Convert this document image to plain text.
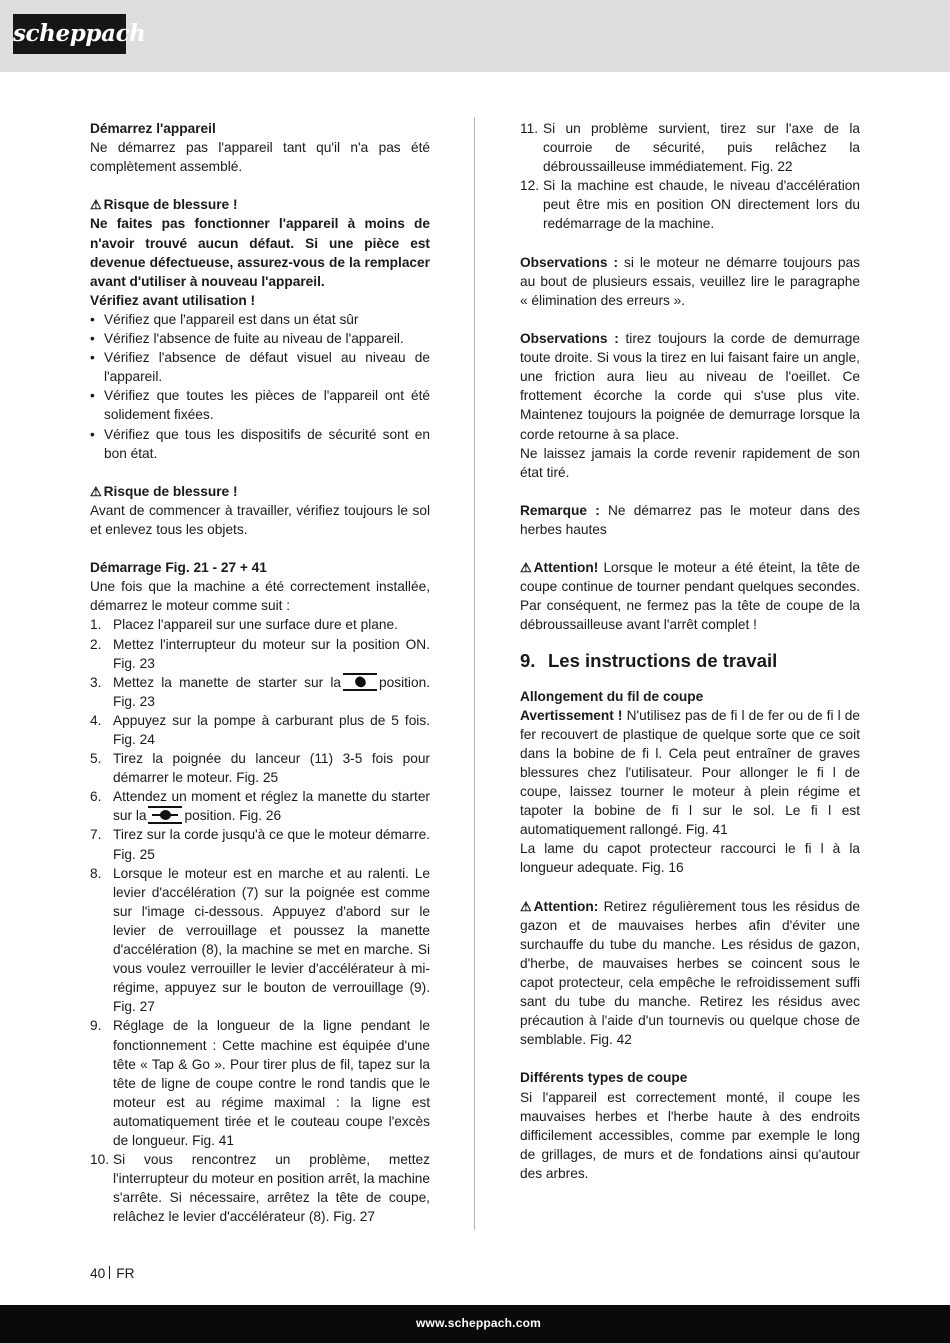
scheppach

Démarrez l'appareil

Ne démarrez pas l'appareil tant qu'il n'a pas été complètement assemblé.

⚠ Risque de blessure !

Ne faites pas fonctionner l'appareil à moins de n'avoir trouvé aucun défaut. Si une pièce est devenue défectueuse, assurez-vous de la remplacer avant d'utiliser à nouveau l'appareil.

Vérifiez avant utilisation !

• Vérifiez que l'appareil est dans un état sûr
• Vérifiez l'absence de fuite au niveau de l'appareil.
• Vérifiez l'absence de défaut visuel au niveau de l'appareil.
• Vérifiez que toutes les pièces de l'appareil ont été solidement fixées.
• Vérifiez que tous les dispositifs de sécurité sont en bon état.

⚠ Risque de blessure !

Avant de commencer à travailler, vérifiez toujours le sol et enlevez tous les objets.

Démarrage Fig. 21 - 27 + 41

Une fois que la machine a été correctement installée, démarrez le moteur comme suit :

1. Placez l'appareil sur une surface dure et plane.
2. Mettez l'interrupteur du moteur sur la position ON. Fig. 23
3. Mettez la manette de starter sur la	position. Fig. 23
4. Appuyez sur la pompe à carburant plus de 5 fois. Fig. 24
5. Tirez la poignée du lanceur (11) 3-5 fois pour démarrer le moteur. Fig. 25
6. Attendez un moment et réglez la manette du starter sur la	position. Fig. 26
7. Tirez sur la corde jusqu'à ce que le moteur démarre. Fig. 25
8. Lorsque le moteur est en marche et au ralenti. Le levier d'accélération (7) sur la poignée est comme sur l'image ci-dessous. Appuyez d'abord sur le levier de verrouillage et poussez la manette d'accélération (8), la machine se met en marche. Si vous voulez verrouiller le levier d'accélérateur à mi-régime, appuyez sur le bouton de verrouillage (9). Fig. 27
9. Réglage de la longueur de la ligne pendant le fonctionnement : Cette machine est équipée d'une tête « Tap & Go ». Pour tirer plus de fil, tapez sur la tête de ligne de coupe contre le rond tandis que le moteur est au régime maximal : la ligne est automatiquement tirée et le couteau coupe l'excès de longueur. Fig. 41
10. Si vous rencontrez un problème, mettez l'interrupteur du moteur en position arrêt, la machine s'arrête. Si nécessaire, arrêtez la tête de coupe, relâchez le levier d'accélérateur (8). Fig. 27
11. Si un problème survient, tirez sur l'axe de la courroie de sécurité, puis relâchez la débroussailleuse immédiatement. Fig. 22
12. Si la machine est chaude, le niveau d'accélération peut être mis en position ON directement lors du redémarrage de la machine.

Observations : si le moteur ne démarre toujours pas au bout de plusieurs essais, veuillez lire le paragraphe « élimination des erreurs ».

Observations : tirez toujours la corde de demurrage toute droite. Si vous la tirez en lui faisant faire un angle, une friction aura lieu au niveau de l'oeillet. Ce frottement écorche la corde qui s'use plus vite. Maintenez toujours la poignée de demurrage lorsque la corde retourne à sa place.

Ne laissez jamais la corde revenir rapidement de son état tiré.

Remarque : Ne démarrez pas le moteur dans des herbes hautes

⚠ Attention! Lorsque le moteur a été éteint, la tête de coupe continue de tourner pendant quelques secondes. Par conséquent, ne fermez pas la tête de coupe de la débroussailleuse avant l'arrêt complet !

9. Les instructions de travail

Allongement du fil de coupe

Avertissement ! N'utilisez pas de fi l de fer ou de fi l de fer recouvert de plastique de quelque sorte que ce soit dans la bobine de fi l. Cela peut entraîner de graves blessures chez l'utilisateur. Pour allonger le fi l de coupe, laissez tourner le moteur à plein régime et tapoter la bobine de fi l sur le sol. Le fi l est automatiquement rallongé. Fig. 41

La lame du capot protecteur raccourci le fi l à la longueur adequate. Fig. 16

⚠ Attention: Retirez régulièrement tous les résidus de gazon et de mauvaises herbes afin d'éviter une surchauffe du tube du manche. Les résidus de gazon, d'herbe, de mauvaises herbes se coincent sous le capot protecteur, cela empêche le refroidissement suffi sant du tube du manche. Retirez les résidus avec précaution à l'aide d'un tournevis ou quelque chose de semblable. Fig. 42

Différents types de coupe

Si l'appareil est correctement monté, il coupe les mauvaises herbes et l'herbe haute à des endroits difficilement accessibles, comme par exemple le long de grillages, de murs et de fondations ainsi qu'autour des arbres.

40 FR
www.scheppach.com
